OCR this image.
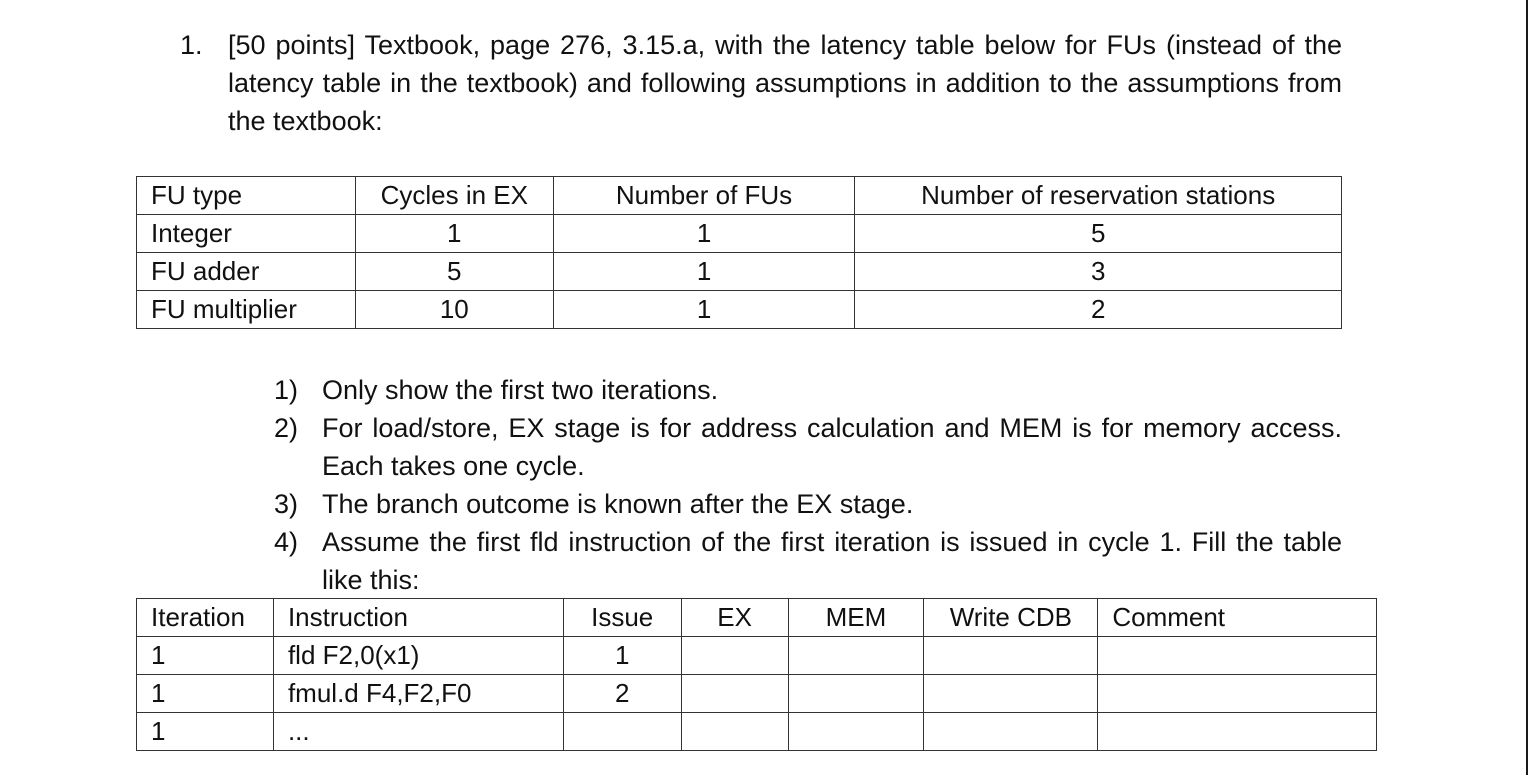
1. [50 points] Textbook, page 276, 3.15.a, with the latency table below for FUs (instead of the latency table in the textbook) and following assumptions in addition to the assumptions from the textbook:
FU type	Cycles in EX	Number of FUs	Number of reservation stations
Integer	1	1	5
FU adder	5	1	3
FU multiplier	10	1	2
1) Only show the first two iterations.
2) For load/store, EX stage is for address calculation and MEM is for memory access. Each takes one cycle.
3) The branch outcome is known after the EX stage.
4) Assume the first fld instruction of the first iteration is issued in cycle 1. Fill the table like this:
Iteration	Instruction	Issue	EX	MEM	Write CDB	Comment
1	fld F2,0(x1)	1				
1	fmul.d F4,F2,F0	2				
1	...					
